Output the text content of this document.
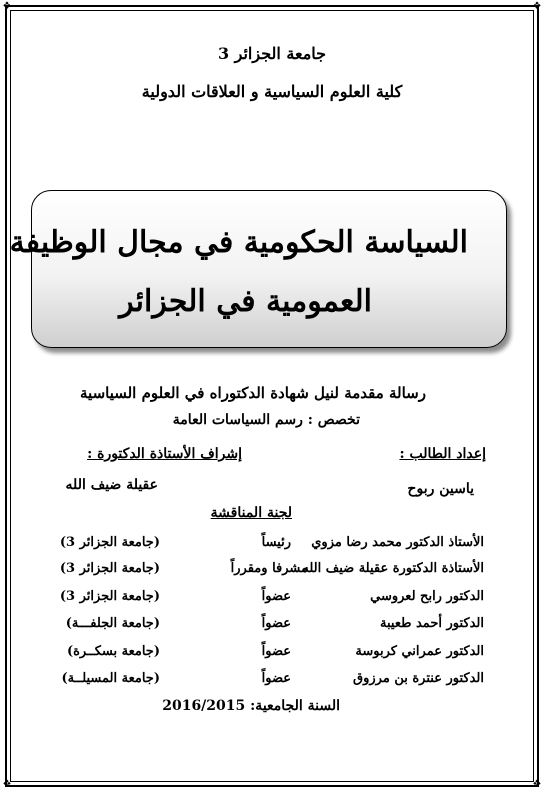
❖	❖
❖	❖
جامعة الجزائر 3
كلية العلوم السياسية و العلاقات الدولية
السياسة الحكومية في مجال الوظيفة
العمومية في الجزائر
رسالة مقدمة لنيل شهادة الدكتوراه في العلوم السياسية
تخصص : رسم السياسات العامة
إعداد الطالب :
إشراف الأستاذة الدكتورة :
ياسين ربوح
عقيلة ضيف الله
لجنة المناقشة
الأستاذ الدكتور محمد رضا مزوي
رئيساً
(جامعة الجزائر 3)
الأستاذة الدكتورة عقيلة ضيف الله
مشرفا ومقرراً
(جامعة الجزائر 3)
الدكتور رابح لعروسي
عضواً
(جامعة الجزائر 3)
الدكتور أحمد طعيبة
عضواً
(جامعة الجلفـــة)
الدكتور عمراني كربوسة
عضواً
(جامعة بسكــرة)
الدكتور عنترة بن مرزوق
عضواً
(جامعة المسيلــة)
السنة الجامعية: 2016/2015
